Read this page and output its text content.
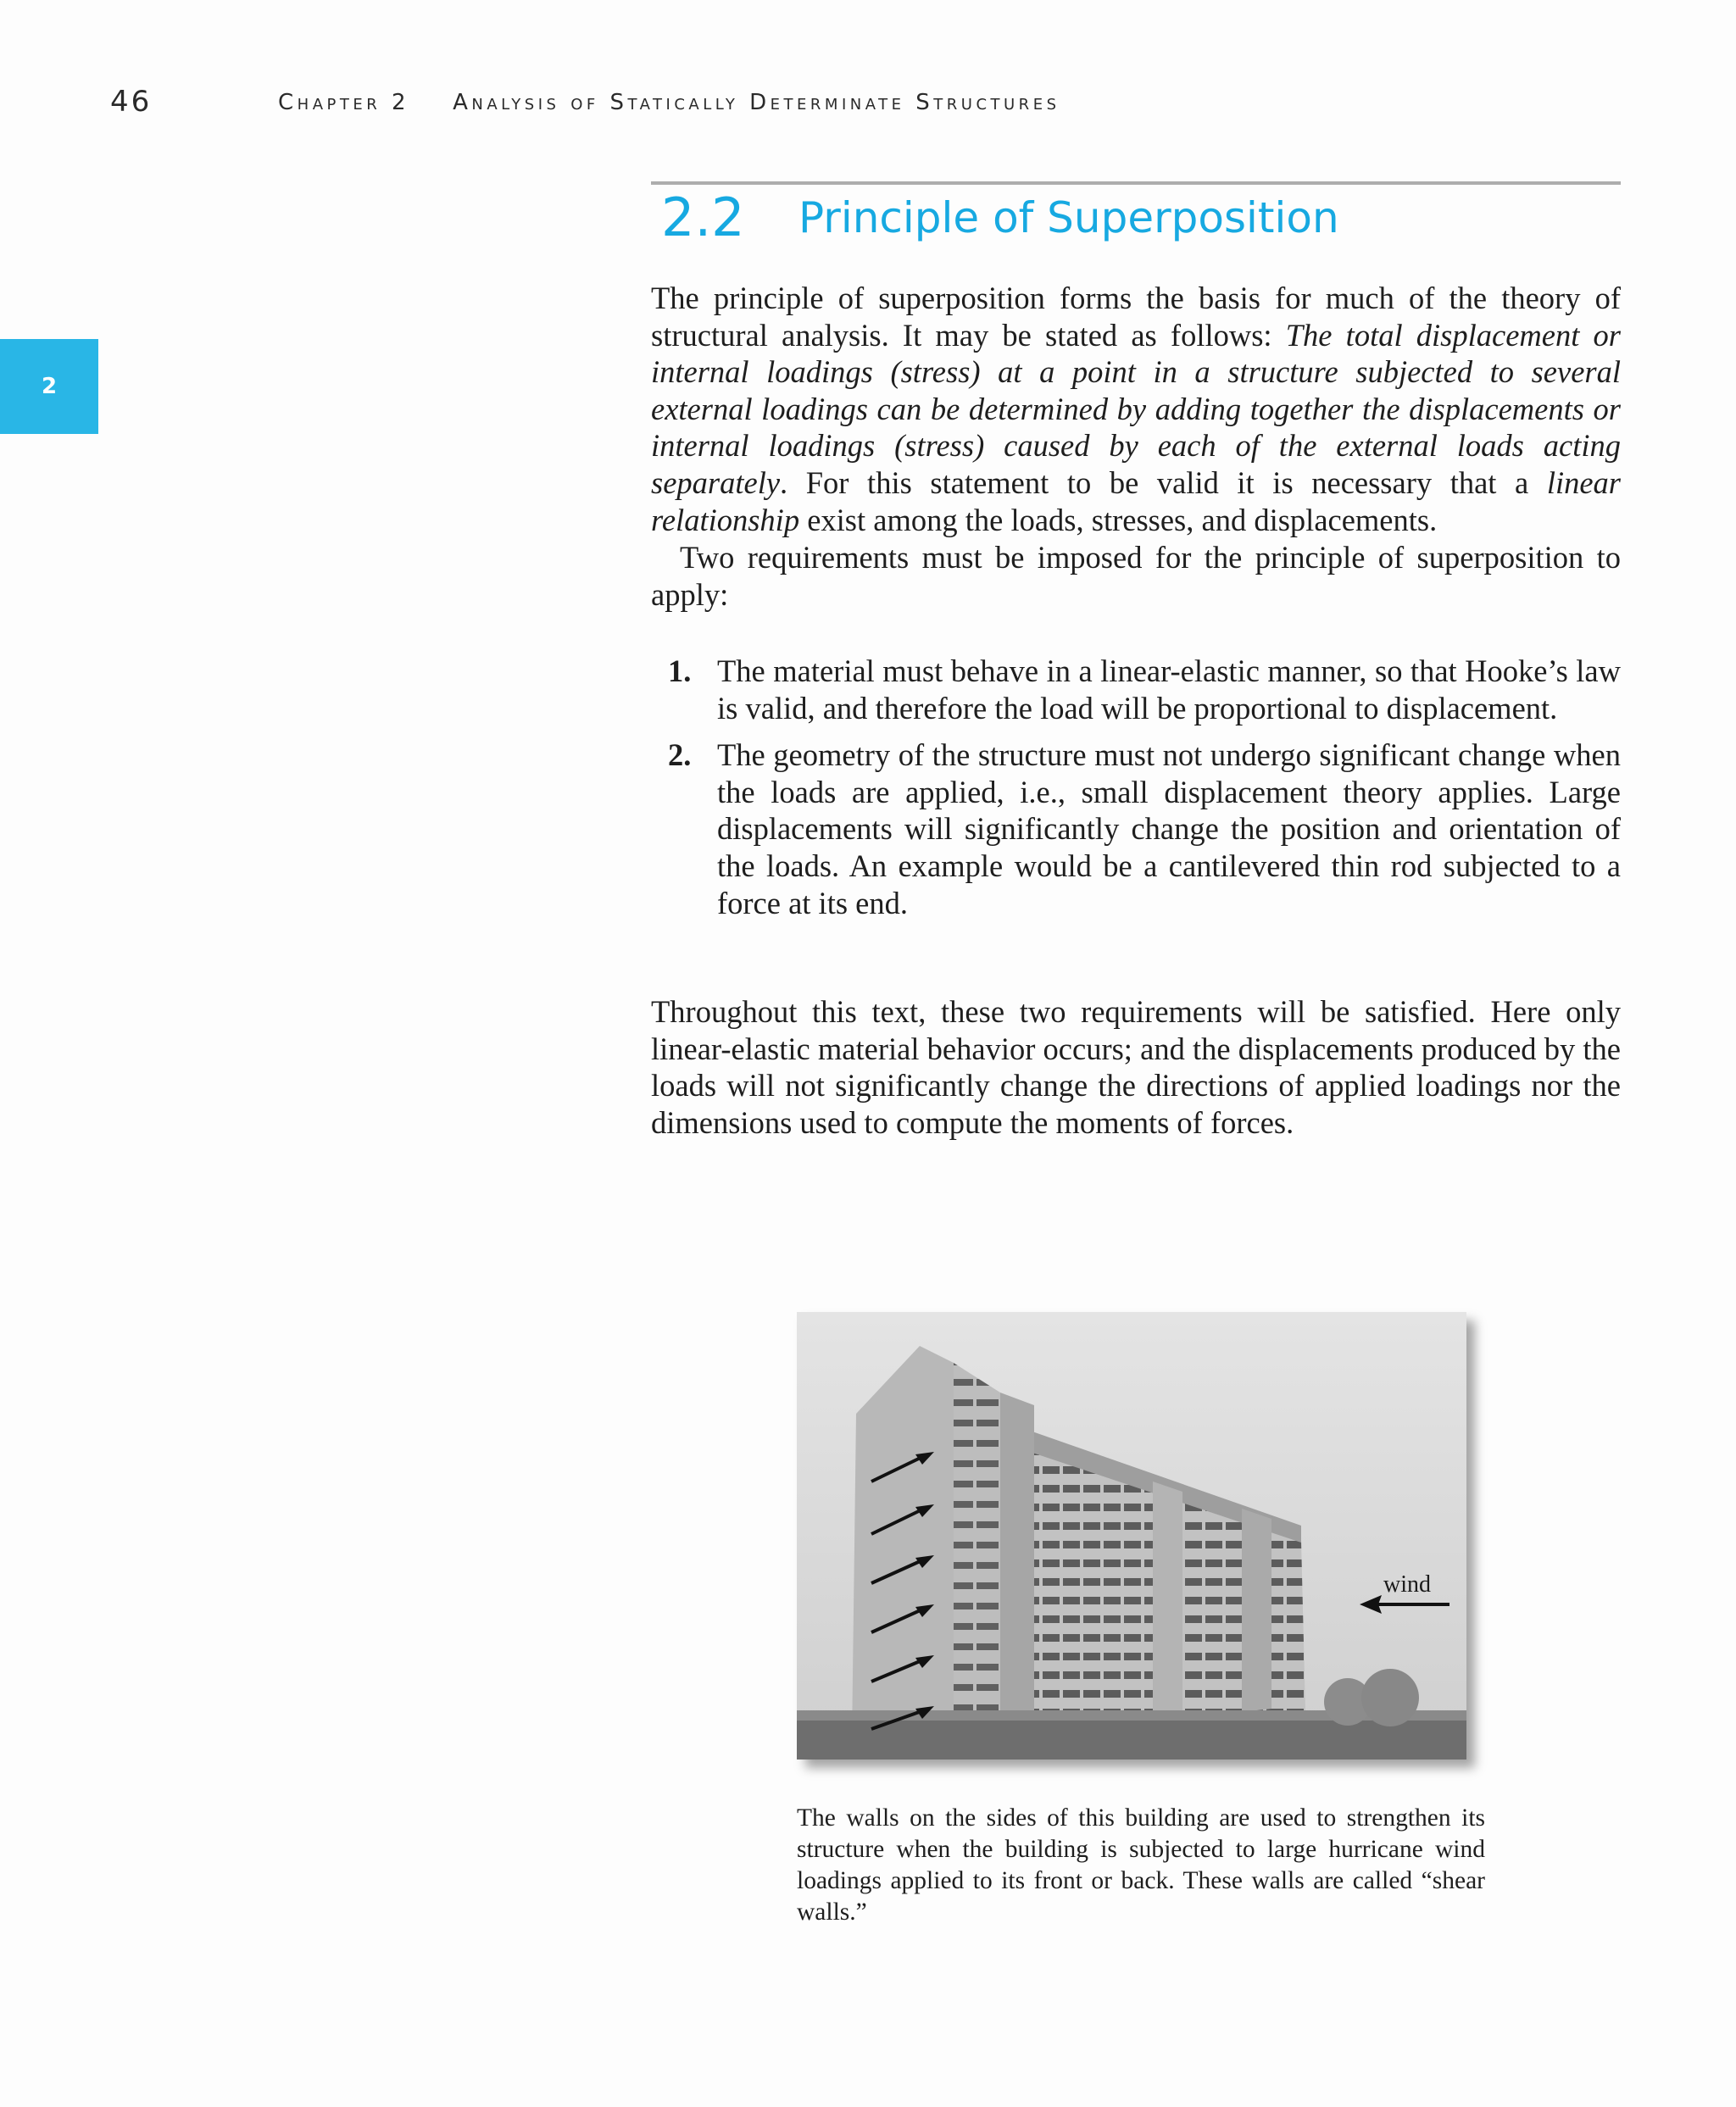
46	Chapter 2 Analysis of Statically Determinate Structures
2
2.2 Principle of Superposition

The principle of superposition forms the basis for much of the theory of structural analysis. It may be stated as follows: The total displacement or internal loadings (stress) at a point in a structure subjected to several external loadings can be determined by adding together the displacements or internal loadings (stress) caused by each of the external loads acting separately. For this statement to be valid it is necessary that a linear relationship exist among the loads, stresses, and displacements.

Two requirements must be imposed for the principle of superposition to apply:

1. The material must behave in a linear-elastic manner, so that Hooke’s law is valid, and therefore the load will be proportional to displacement.
2. The geometry of the structure must not undergo significant change when the loads are applied, i.e., small displacement theory applies. Large displacements will significantly change the position and orientation of the loads. An example would be a cantilevered thin rod subjected to a force at its end.

Throughout this text, these two requirements will be satisfied. Here only linear-elastic material behavior occurs; and the displacements produced by the loads will not significantly change the directions of applied loadings nor the dimensions used to compute the moments of forces.

wind

The walls on the sides of this building are used to strengthen its structure when the building is subjected to large hurricane wind loadings applied to its front or back. These walls are called “shear walls.”
